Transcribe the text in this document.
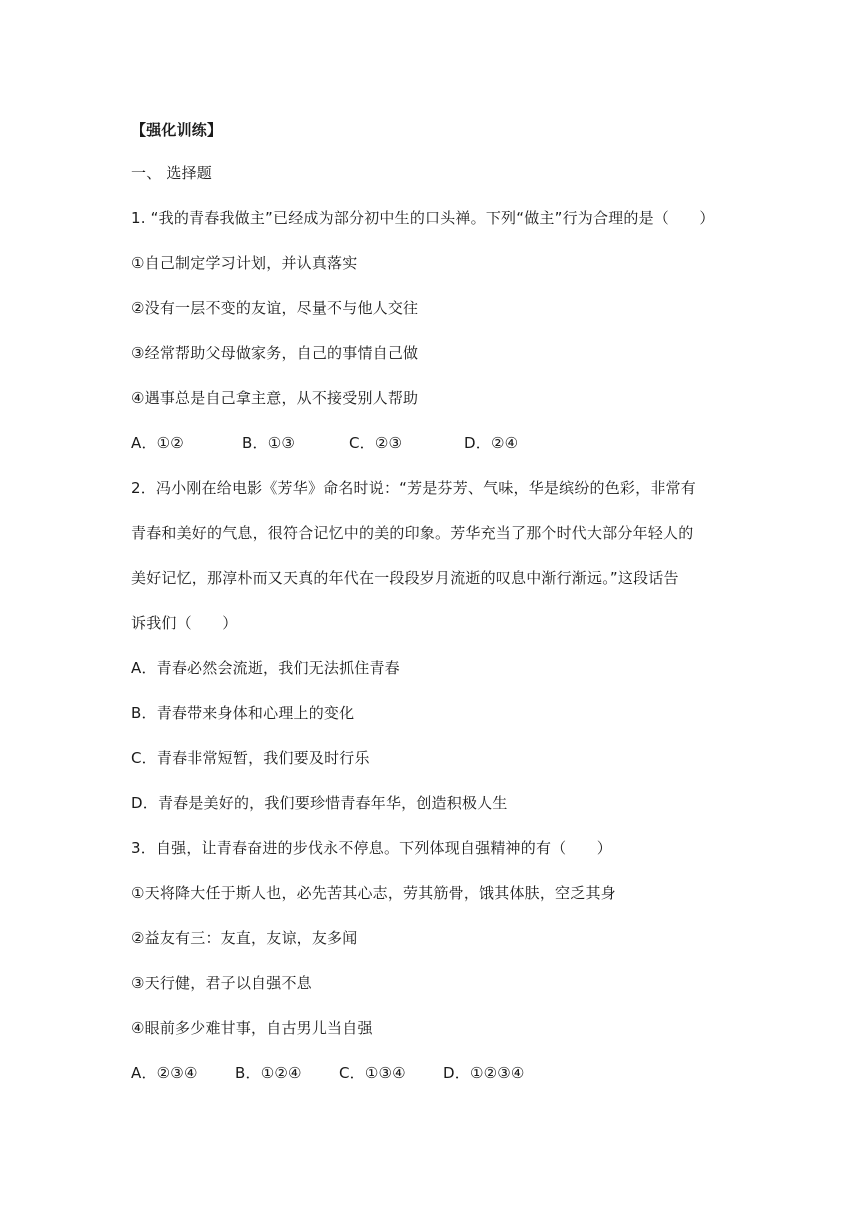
【强化训练】
一、 选择题
1. “我的青春我做主”已经成为部分初中生的口头禅。下列“做主”行为合理的是（　　）
①自己制定学习计划，并认真落实
②没有一层不变的友谊，尽量不与他人交往
③经常帮助父母做家务，自己的事情自己做
④遇事总是自己拿主意，从不接受别人帮助
A．①②	B．①③	C．②③	D．②④
2．冯小刚在给电影《芳华》命名时说：“芳是芬芳、气味，华是缤纷的色彩，非常有
青春和美好的气息，很符合记忆中的美的印象。芳华充当了那个时代大部分年轻人的
美好记忆，那淳朴而又天真的年代在一段段岁月流逝的叹息中渐行渐远。”这段话告
诉我们（　　）
A．青春必然会流逝，我们无法抓住青春
B．青春带来身体和心理上的变化
C．青春非常短暂，我们要及时行乐
D．青春是美好的，我们要珍惜青春年华，创造积极人生
3．自强，让青春奋进的步伐永不停息。下列体现自强精神的有（　　）
①天将降大任于斯人也，必先苦其心志，劳其筋骨，饿其体肤，空乏其身
②益友有三：友直，友谅，友多闻
③天行健，君子以自强不息
④眼前多少难甘事，自古男儿当自强
A．②③④	B．①②④	C．①③④	D．①②③④
